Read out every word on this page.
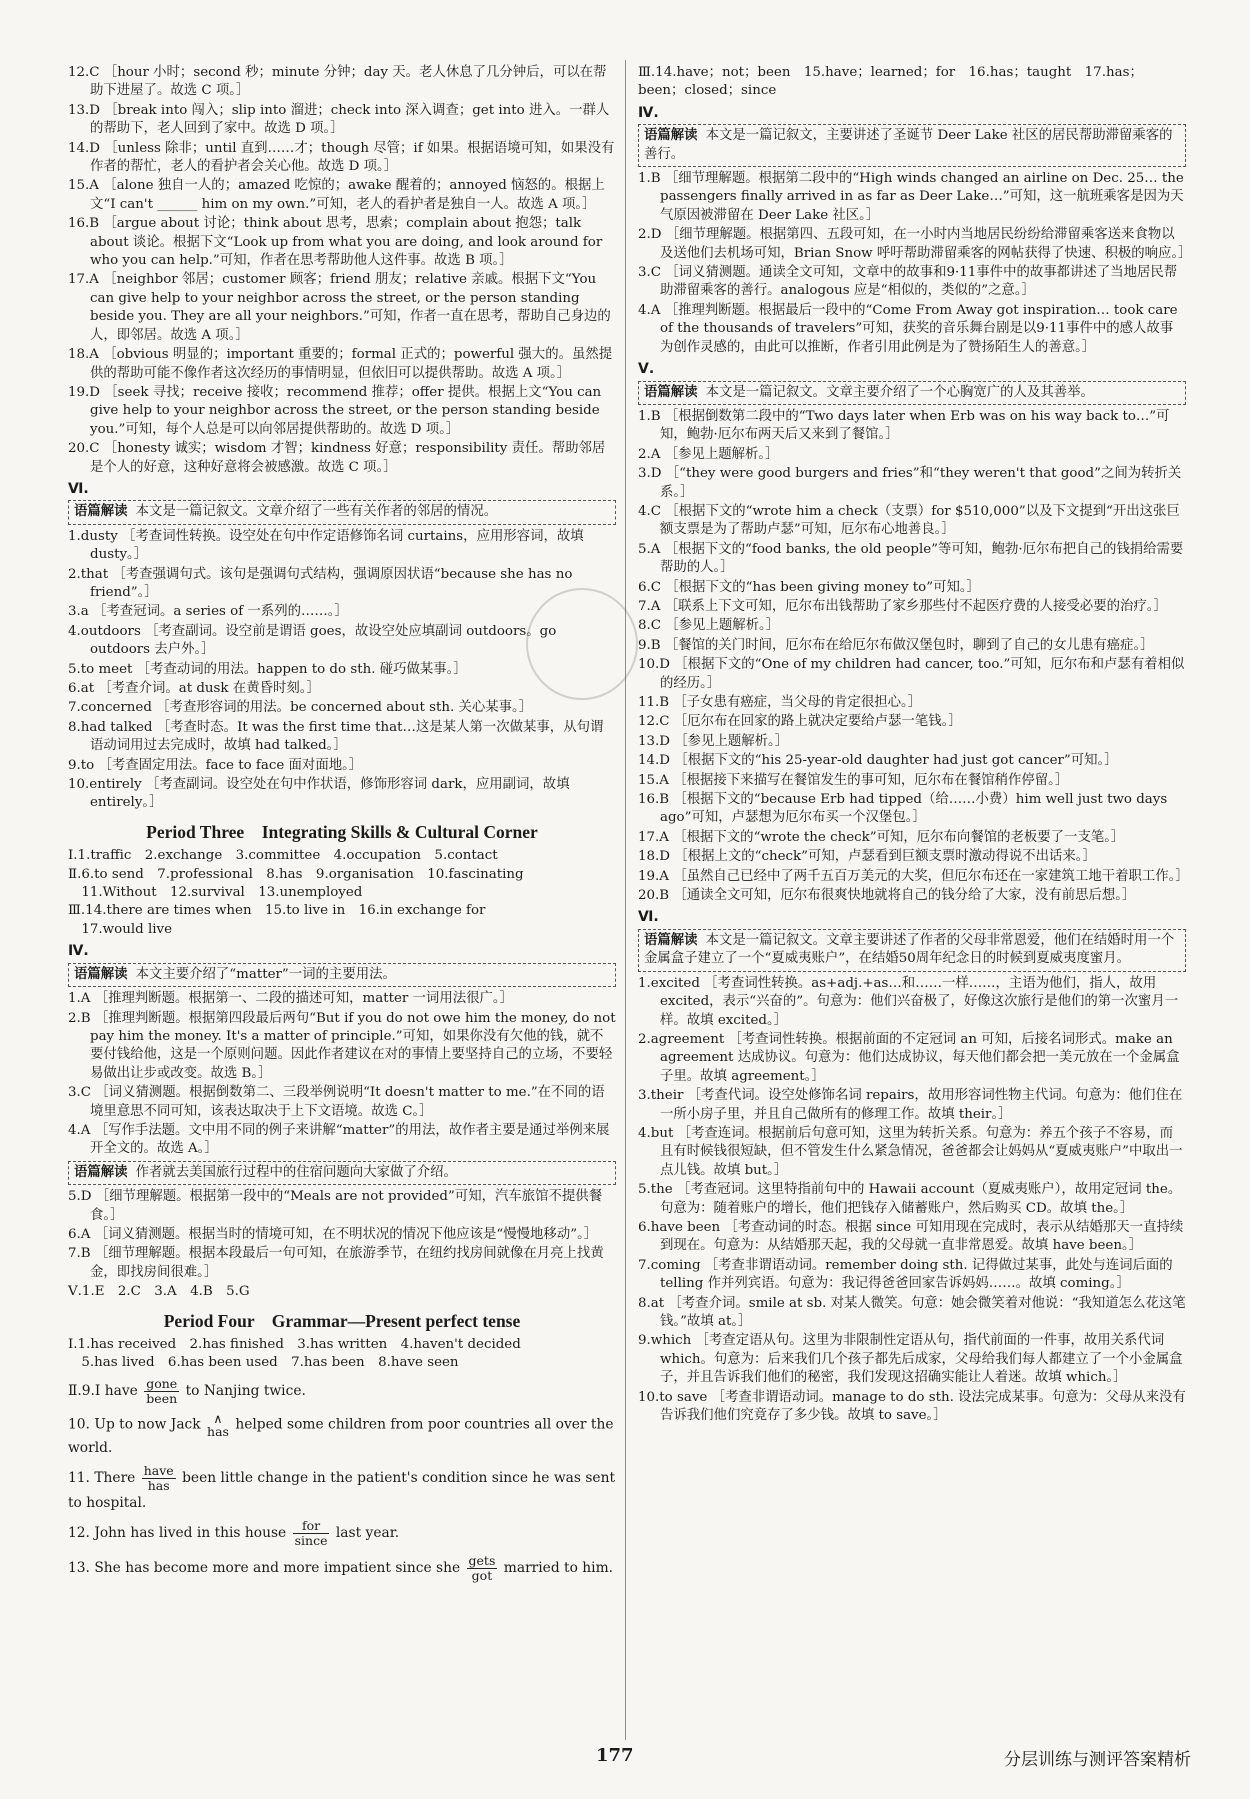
12.C ［hour 小时；second 秒；minute 分钟；day 天。老人休息了几分钟后，可以在帮助下进屋了。故选 C 项。］

13.D ［break into 闯入；slip into 溜进；check into 深入调查；get into 进入。一群人的帮助下，老人回到了家中。故选 D 项。］

14.D ［unless 除非；until 直到……才；though 尽管；if 如果。根据语境可知，如果没有作者的帮忙，老人的看护者会关心他。故选 D 项。］

15.A ［alone 独自一人的；amazed 吃惊的；awake 醒着的；annoyed 恼怒的。根据上文“I can't ______ him on my own.”可知，老人的看护者是独自一人。故选 A 项。］

16.B ［argue about 讨论；think about 思考，思索；complain about 抱怨；talk about 谈论。根据下文“Look up from what you are doing, and look around for who you can help.”可知，作者在思考帮助他人这件事。故选 B 项。］

17.A ［neighbor 邻居；customer 顾客；friend 朋友；relative 亲戚。根据下文“You can give help to your neighbor across the street, or the person standing beside you. They are all your neighbors.”可知，作者一直在思考，帮助自己身边的人，即邻居。故选 A 项。］

18.A ［obvious 明显的；important 重要的；formal 正式的；powerful 强大的。虽然提供的帮助可能不像作者这次经历的事情明显，但依旧可以提供帮助。故选 A 项。］

19.D ［seek 寻找；receive 接收；recommend 推荐；offer 提供。根据上文“You can give help to your neighbor across the street, or the person standing beside you.”可知，每个人总是可以向邻居提供帮助的。故选 D 项。］

20.C ［honesty 诚实；wisdom 才智；kindness 好意；responsibility 责任。帮助邻居是个人的好意，这种好意将会被感激。故选 C 项。］

Ⅵ.

语篇解读 本文是一篇记叙文。文章介绍了一些有关作者的邻居的情况。

1.dusty ［考查词性转换。设空处在句中作定语修饰名词 curtains，应用形容词，故填 dusty。］

2.that ［考查强调句式。该句是强调句式结构，强调原因状语“because she has no friend”。］

3.a ［考查冠词。a series of 一系列的……。］

4.outdoors ［考查副词。设空前是谓语 goes，故设空处应填副词 outdoors。go outdoors 去户外。］

5.to meet ［考查动词的用法。happen to do sth. 碰巧做某事。］

6.at ［考查介词。at dusk 在黄昏时刻。］

7.concerned ［考查形容词的用法。be concerned about sth. 关心某事。］

8.had talked ［考查时态。It was the first time that…这是某人第一次做某事，从句谓语动词用过去完成时，故填 had talked。］

9.to ［考查固定用法。face to face 面对面地。］

10.entirely ［考查副词。设空处在句中作状语，修饰形容词 dark，应用副词，故填 entirely。］

Period Three　Integrating Skills & Cultural Corner

Ⅰ.1.traffic　2.exchange　3.committee　4.occupation　5.contact

Ⅱ.6.to send　7.professional　8.has　9.organisation　10.fascinating

　11.Without　12.survival　13.unemployed

Ⅲ.14.there are times when　15.to live in　16.in exchange for

　17.would live

Ⅳ.

语篇解读 本文主要介绍了“matter”一词的主要用法。

1.A ［推理判断题。根据第一、二段的描述可知，matter 一词用法很广。］

2.B ［推理判断题。根据第四段最后两句“But if you do not owe him the money, do not pay him the money. It's a matter of principle.”可知，如果你没有欠他的钱，就不要付钱给他，这是一个原则问题。因此作者建议在对的事情上要坚持自己的立场，不要轻易做出让步或改变。故选 B。］

3.C ［词义猜测题。根据倒数第二、三段举例说明“It doesn't matter to me.”在不同的语境里意思不同可知，该表达取决于上下文语境。故选 C。］

4.A ［写作手法题。文中用不同的例子来讲解“matter”的用法，故作者主要是通过举例来展开全文的。故选 A。］

语篇解读 作者就去美国旅行过程中的住宿问题向大家做了介绍。

5.D ［细节理解题。根据第一段中的“Meals are not provided”可知，汽车旅馆不提供餐食。］

6.A ［词义猜测题。根据当时的情境可知，在不明状况的情况下他应该是“慢慢地移动”。］

7.B ［细节理解题。根据本段最后一句可知，在旅游季节，在纽约找房间就像在月亮上找黄金，即找房间很难。］

Ⅴ.1.E　2.C　3.A　4.B　5.G

Period Four　Grammar—Present perfect tense

Ⅰ.1.has received　2.has finished　3.has written　4.haven't decided

　5.has lived　6.has been used　7.has been　8.have seen

Ⅱ.9.I have $\frac{\text{gone}}{\text{been}}$ to Nanjing twice.

10. Up to now Jack	∧
has helped some children from poor countries all over the world.

11. There $\frac{\text{have}}{\text{has}}$ been little change in the patient's condition since he was sent to hospital.

12. John has lived in this house $\frac{\text{for}}{\text{since}}$ last year.

13. She has become more and more impatient since she $\frac{\text{gets}}{\text{got}}$ married to him.

Ⅲ.14.have；not；been　15.have；learned；for　16.has；taught　17.has；been；closed；since

Ⅳ.

语篇解读 本文是一篇记叙文，主要讲述了圣诞节 Deer Lake 社区的居民帮助滞留乘客的善行。

1.B ［细节理解题。根据第二段中的“High winds changed an airline on Dec. 25… the passengers finally arrived in as far as Deer Lake…”可知，这一航班乘客是因为天气原因被滞留在 Deer Lake 社区。］

2.D ［细节理解题。根据第四、五段可知，在一小时内当地居民纷纷给滞留乘客送来食物以及送他们去机场可知，Brian Snow 呼吁帮助滞留乘客的网帖获得了快速、积极的响应。］

3.C ［词义猜测题。通读全文可知，文章中的故事和9·11事件中的故事都讲述了当地居民帮助滞留乘客的善行。analogous 应是“相似的，类似的”之意。］

4.A ［推理判断题。根据最后一段中的“Come From Away got inspiration… took care of the thousands of travelers”可知，获奖的音乐舞台剧是以9·11事件中的感人故事为创作灵感的，由此可以推断，作者引用此例是为了赞扬陌生人的善意。］

Ⅴ.

语篇解读 本文是一篇记叙文。文章主要介绍了一个心胸宽广的人及其善举。

1.B ［根据倒数第二段中的“Two days later when Erb was on his way back to…”可知，鲍勃·厄尔布两天后又来到了餐馆。］

2.A ［参见上题解析。］

3.D ［“they were good burgers and fries”和“they weren't that good”之间为转折关系。］

4.C ［根据下文的“wrote him a check（支票）for $510,000”以及下文提到“开出这张巨额支票是为了帮助卢瑟”可知，厄尔布心地善良。］

5.A ［根据下文的“food banks, the old people”等可知，鲍勃·厄尔布把自己的钱捐给需要帮助的人。］

6.C ［根据下文的“has been giving money to”可知。］

7.A ［联系上下文可知，厄尔布出钱帮助了家乡那些付不起医疗费的人接受必要的治疗。］

8.C ［参见上题解析。］

9.B ［餐馆的关门时间，厄尔布在给厄尔布做汉堡包时，聊到了自己的女儿患有癌症。］

10.D ［根据下文的“One of my children had cancer, too.”可知，厄尔布和卢瑟有着相似的经历。］

11.B ［子女患有癌症，当父母的肯定很担心。］

12.C ［厄尔布在回家的路上就决定要给卢瑟一笔钱。］

13.D ［参见上题解析。］

14.D ［根据下文的“his 25-year-old daughter had just got cancer”可知。］

15.A ［根据接下来描写在餐馆发生的事可知，厄尔布在餐馆稍作停留。］

16.B ［根据下文的“because Erb had tipped（给……小费）him well just two days ago”可知，卢瑟想为厄尔布买一个汉堡包。］

17.A ［根据下文的“wrote the check”可知，厄尔布向餐馆的老板要了一支笔。］

18.D ［根据上文的“check”可知，卢瑟看到巨额支票时激动得说不出话来。］

19.A ［虽然自己已经中了两千五百万美元的大奖，但厄尔布还在一家建筑工地干着职工作。］

20.B ［通读全文可知，厄尔布很爽快地就将自己的钱分给了大家，没有前思后想。］

Ⅵ.

语篇解读 本文是一篇记叙文。文章主要讲述了作者的父母非常恩爱，他们在结婚时用一个金属盒子建立了一个“夏威夷账户”，在结婚50周年纪念日的时候到夏威夷度蜜月。

1.excited ［考查词性转换。as+adj.+as…和……一样……，主语为他们，指人，故用 excited，表示“兴奋的”。句意为：他们兴奋极了，好像这次旅行是他们的第一次蜜月一样。故填 excited。］

2.agreement ［考查词性转换。根据前面的不定冠词 an 可知，后接名词形式。make an agreement 达成协议。句意为：他们达成协议，每天他们都会把一美元放在一个金属盒子里。故填 agreement。］

3.their ［考查代词。设空处修饰名词 repairs，故用形容词性物主代词。句意为：他们住在一所小房子里，并且自己做所有的修理工作。故填 their。］

4.but ［考查连词。根据前后句意可知，这里为转折关系。句意为：养五个孩子不容易，而且有时候钱很短缺，但不管发生什么紧急情况，爸爸都会让妈妈从“夏威夷账户”中取出一点儿钱。故填 but。］

5.the ［考查冠词。这里特指前句中的 Hawaii account（夏威夷账户），故用定冠词 the。句意为：随着账户的增长，他们把钱存入储蓄账户，然后购买 CD。故填 the。］

6.have been ［考查动词的时态。根据 since 可知用现在完成时，表示从结婚那天一直持续到现在。句意为：从结婚那天起，我的父母就一直非常恩爱。故填 have been。］

7.coming ［考查非谓语动词。remember doing sth. 记得做过某事，此处与连词后面的 telling 作并列宾语。句意为：我记得爸爸回家告诉妈妈……。故填 coming。］

8.at ［考查介词。smile at sb. 对某人微笑。句意：她会微笑着对他说：“我知道怎么花这笔钱。”故填 at。］

9.which ［考查定语从句。这里为非限制性定语从句，指代前面的一件事，故用关系代词 which。句意为：后来我们几个孩子都先后成家，父母给我们每人都建立了一个小金属盒子，并且告诉我们他们的秘密，我们发现这招确实能让人着迷。故填 which。］

10.to save ［考查非谓语动词。manage to do sth. 设法完成某事。句意为：父母从来没有告诉我们他们究竟存了多少钱。故填 to save。］

177	分层训练与测评答案精析
